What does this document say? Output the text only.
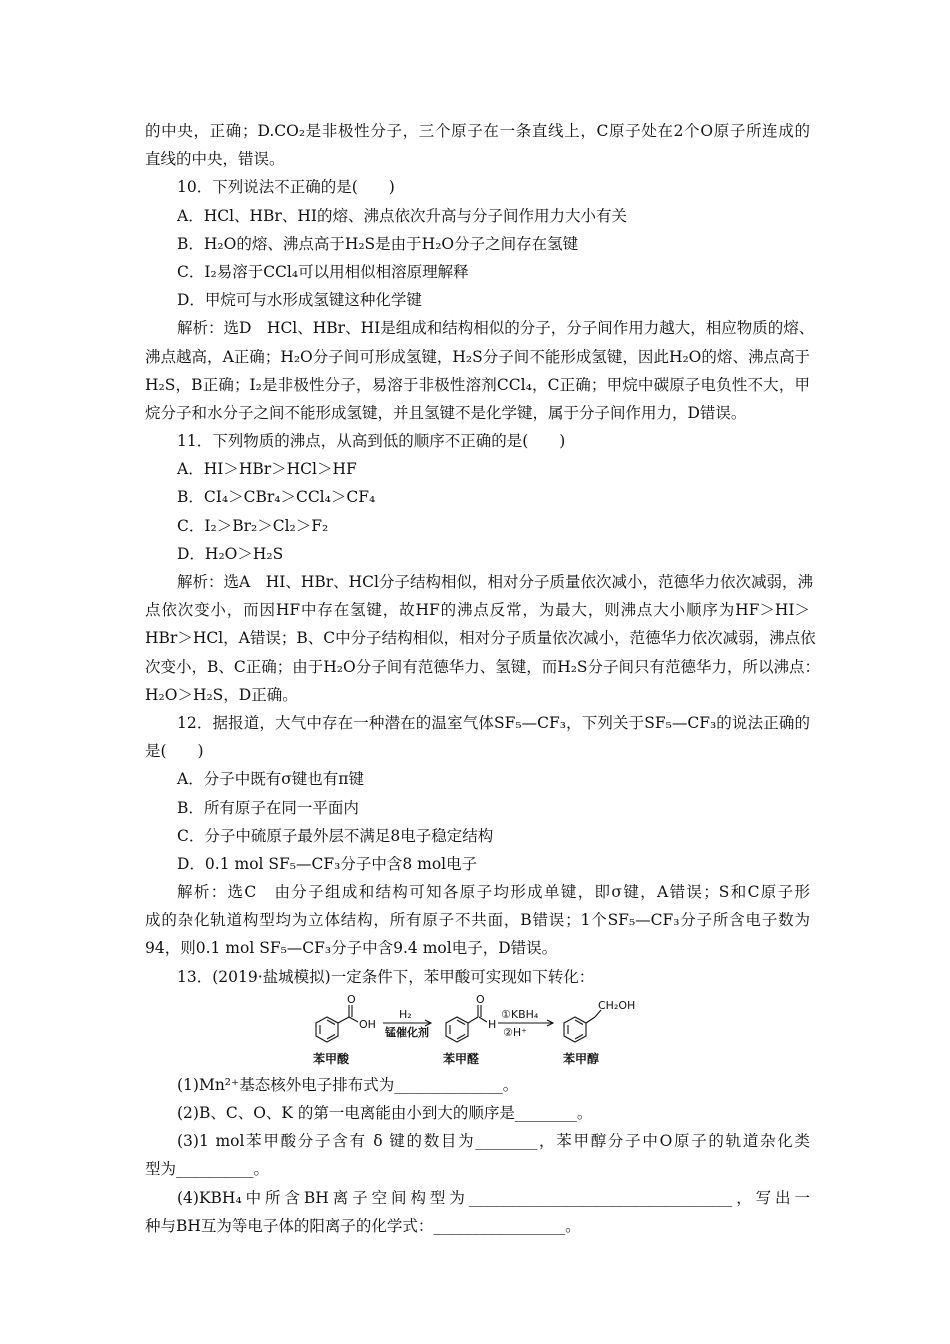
的中央，正确；D.CO₂是非极性分子，三个原子在一条直线上，C原子处在2个O原子所连成的
直线的中央，错误。
10．下列说法不正确的是(　　)
A．HCl、HBr、HI的熔、沸点依次升高与分子间作用力大小有关
B．H₂O的熔、沸点高于H₂S是由于H₂O分子之间存在氢键
C．I₂易溶于CCl₄可以用相似相溶原理解释
D．甲烷可与水形成氢键这种化学键
解析：选D　HCl、HBr、HI是组成和结构相似的分子，分子间作用力越大，相应物质的熔、
沸点越高，A正确；H₂O分子间可形成氢键，H₂S分子间不能形成氢键，因此H₂O的熔、沸点高于
H₂S，B正确；I₂是非极性分子，易溶于非极性溶剂CCl₄，C正确；甲烷中碳原子电负性不大，甲
烷分子和水分子之间不能形成氢键，并且氢键不是化学键，属于分子间作用力，D错误。
11．下列物质的沸点，从高到低的顺序不正确的是(　　)
A．HI＞HBr＞HCl＞HF
B．CI₄＞CBr₄＞CCl₄＞CF₄
C．I₂＞Br₂＞Cl₂＞F₂
D．H₂O＞H₂S
解析：选A　HI、HBr、HCl分子结构相似，相对分子质量依次减小，范德华力依次减弱，沸
点依次变小，而因HF中存在氢键，故HF的沸点反常，为最大，则沸点大小顺序为HF＞HI＞
HBr＞HCl，A错误；B、C中分子结构相似，相对分子质量依次减小，范德华力依次减弱，沸点依
次变小，B、C正确；由于H₂O分子间有范德华力、氢键，而H₂S分子间只有范德华力，所以沸点：
H₂O＞H₂S，D正确。
12．据报道，大气中存在一种潜在的温室气体SF₅—CF₃，下列关于SF₅—CF₃的说法正确的
是(　　)
A．分子中既有σ键也有π键
B．所有原子在同一平面内
C．分子中硫原子最外层不满足8电子稳定结构
D．0.1 mol SF₅—CF₃分子中含8 mol电子
解析：选C　由分子组成和结构可知各原子均形成单键，即σ键，A错误；S和C原子形
成的杂化轨道构型均为立体结构，所有原子不共面，B错误；1个SF₅—CF₃分子所含电子数为
94，则0.1 mol SF₅—CF₃分子中含9.4 mol电子，D错误。
13．(2019·盐城模拟)一定条件下，苯甲酸可实现如下转化：
O
OH
O
H
CH₂OH
H₂
锰催化剂
①KBH₄
②H⁺
苯甲酸	苯甲醛	苯甲醇
(1)Mn²⁺基态核外电子排布式为______________。
(2)B、C、O、K 的第一电离能由小到大的顺序是________。
(3)1 mol苯甲酸分子含有 δ 键的数目为________，苯甲醇分子中O原子的轨道杂化类
型为__________。
(4)KBH₄中所含BH离子空间构型为__________________________________，写出一
种与BH互为等电子体的阳离子的化学式：_________________。
